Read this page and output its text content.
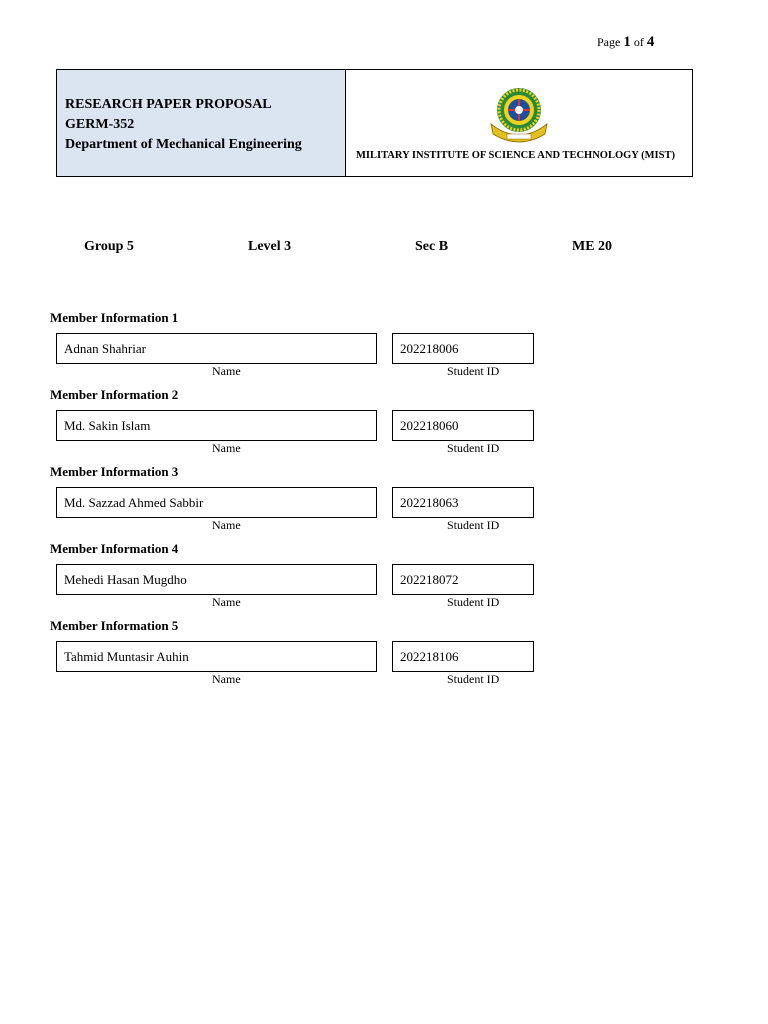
Page 1 of 4
RESEARCH PAPER PROPOSAL
GERM-352
Department of Mechanical Engineering
MILITARY INSTITUTE OF SCIENCE AND TECHNOLOGY (MIST)
Group 5	Level 3	Sec B	ME 20
Member Information 1
Adnan Shahriar	202218006
Name	Student ID
Member Information 2
Md. Sakin Islam	202218060
Name	Student ID
Member Information 3
Md. Sazzad Ahmed Sabbir	202218063
Name	Student ID
Member Information 4
Mehedi Hasan Mugdho	202218072
Name	Student ID
Member Information 5
Tahmid Muntasir Auhin	202218106
Name	Student ID
